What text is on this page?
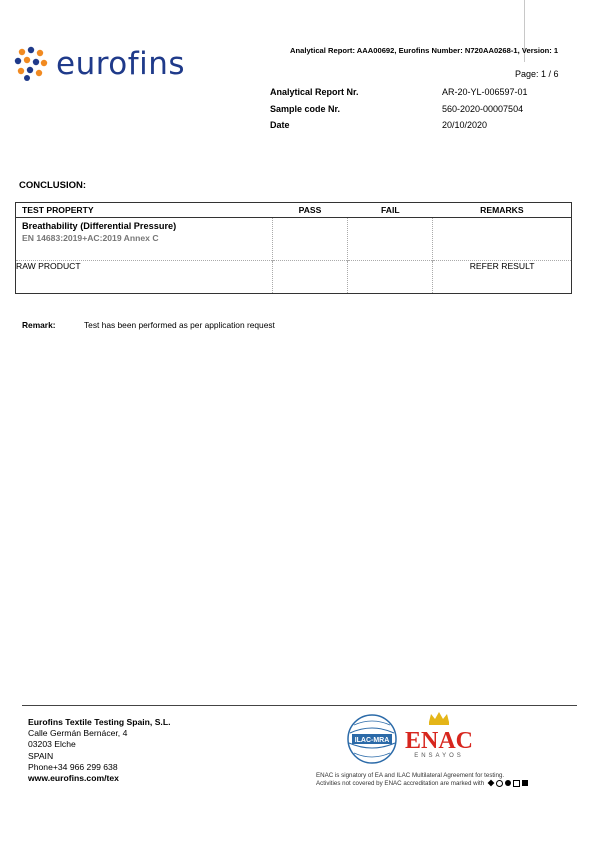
eurofins	Analytical Report: AAA00692, Eurofins Number: N720AA0268-1, Version: 1
Page: 1 / 6
Analytical Report Nr.	AR-20-YL-006597-01
Sample code Nr.	560-2020-00007504
Date	20/10/2020
CONCLUSION:
TEST PROPERTY	PASS	FAIL	REMARKS

Breathability (Differential Pressure)
EN 14683:2019+AC:2019 Annex C			

RAW PRODUCT			REFER RESULT
Remark:	Test has been performed as per application request
Eurofins Textile Testing Spain, S.L.
Calle Germán Bernácer, 4
03203 Elche
SPAIN
Phone+34 966 299 638
www.eurofins.com/tex
ILAC-MRA ENAC
ENSAYOS
ENAC is signatory of EA and ILAC Multilateral Agreement for testing.
Activities not covered by ENAC accreditation are marked with
